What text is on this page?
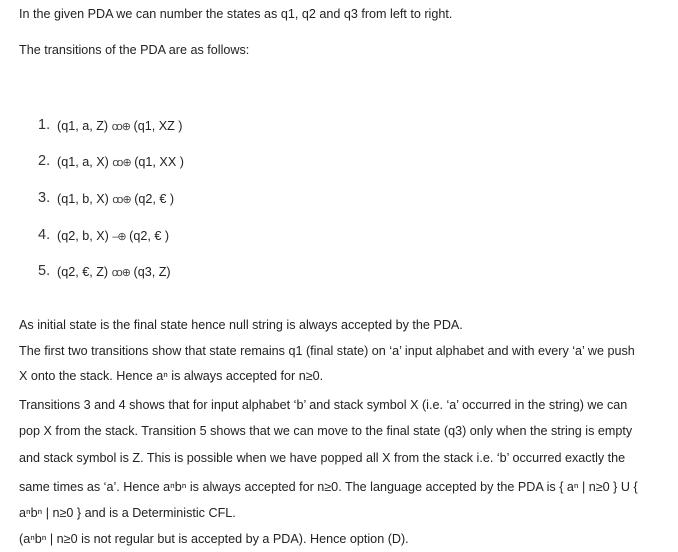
In the given PDA we can number the states as q1, q2 and q3 from left to right.
The transitions of the PDA are as follows:
1. (q1, a, Z) ꝏ⊕ (q1, XZ )
2. (q1, a, X) ꝏ⊕ (q1, XX )
3. (q1, b, X) ꝏ⊕ (q2, € )
4. (q2, b, X) –⊕ (q2, € )
5. (q2, €, Z) ꝏ⊕ (q3, Z)
As initial state is the final state hence null string is always accepted by the PDA.
The first two transitions show that state remains q1 (final state) on ‘a’ input alphabet and with every ‘a’ we push
X onto the stack. Hence aⁿ is always accepted for n≥0.
Transitions 3 and 4 shows that for input alphabet ‘b’ and stack symbol X (i.e. ‘a’ occurred in the string) we can
pop X from the stack. Transition 5 shows that we can move to the final state (q3) only when the string is empty
and stack symbol is Z. This is possible when we have popped all X from the stack i.e. ‘b’ occurred exactly the
same times as ‘a’. Hence aⁿbⁿ is always accepted for n≥0. The language accepted by the PDA is { aⁿ | n≥0 } U {
aⁿbⁿ | n≥0 } and is a Deterministic CFL.
(aⁿbⁿ | n≥0 is not regular but is accepted by a PDA). Hence option (D).
